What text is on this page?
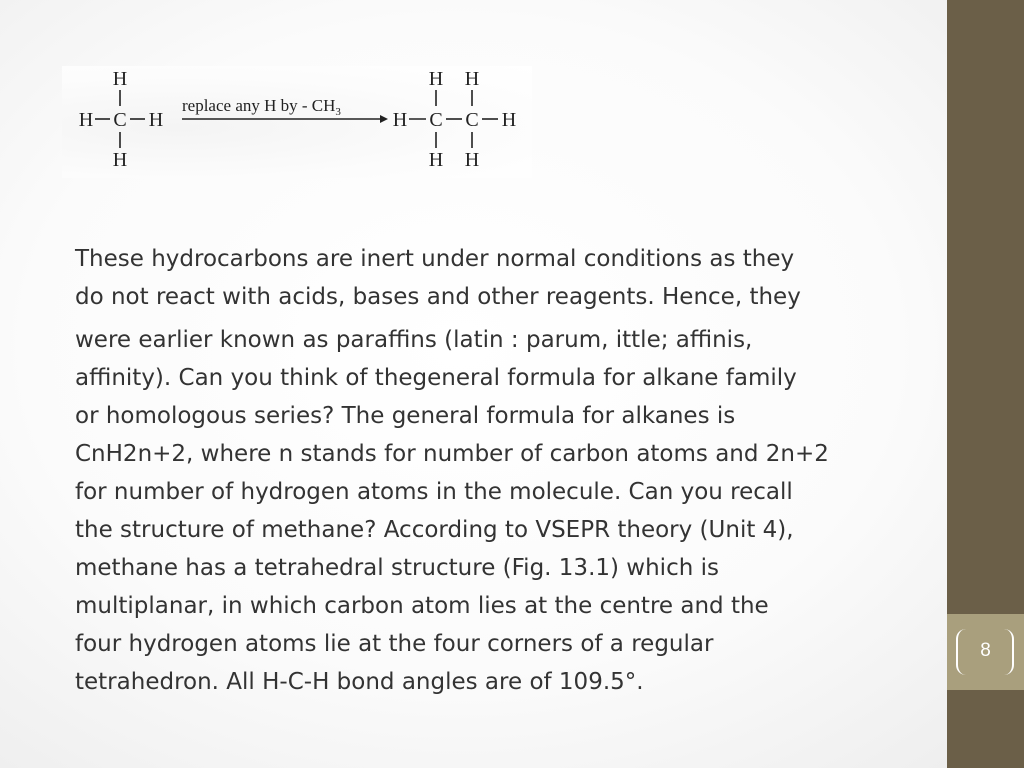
H
H C H
H
replace any H by - $CH_3$
H H
H C C H
H H

These hydrocarbons are inert under normal conditions as they
do not react with acids, bases and other reagents. Hence, they
were earlier known as paraffins (latin : parum, ittle; affinis,
affinity). Can you think of thegeneral formula for alkane family
or homologous series? The general formula for alkanes is
CnH2n+2, where n stands for number of carbon atoms and 2n+2
for number of hydrogen atoms in the molecule. Can you recall
the structure of methane? According to VSEPR theory (Unit 4),
methane has a tetrahedral structure (Fig. 13.1) which is
multiplanar, in which carbon atom lies at the centre and the
four hydrogen atoms lie at the four corners of a regular
tetrahedron. All H-C-H bond angles are of 109.5°.

8
